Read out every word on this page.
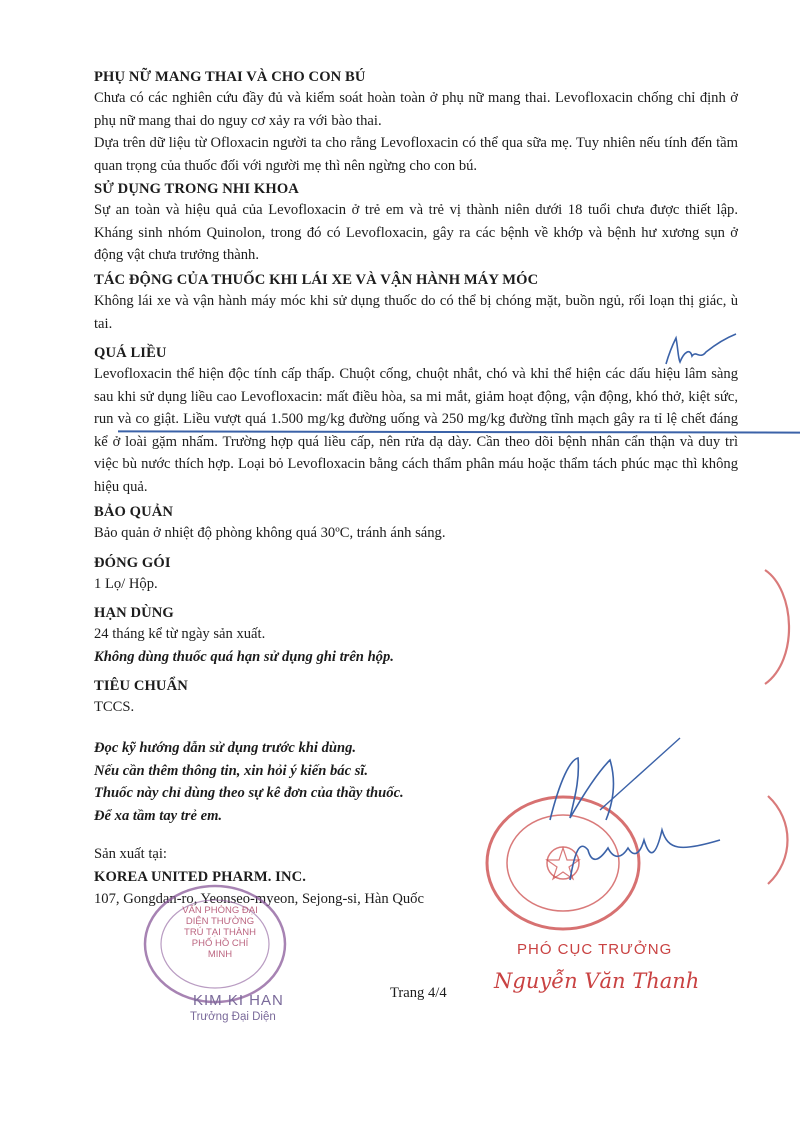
PHỤ NỮ MANG THAI VÀ CHO CON BÚ

Chưa có các nghiên cứu đầy đủ và kiểm soát hoàn toàn ở phụ nữ mang thai. Levofloxacin chống chỉ định ở phụ nữ mang thai do nguy cơ xảy ra với bào thai.

Dựa trên dữ liệu từ Ofloxacin người ta cho rằng Levofloxacin có thể qua sữa mẹ. Tuy nhiên nếu tính đến tầm quan trọng của thuốc đối với người mẹ thì nên ngừng cho con bú.

SỬ DỤNG TRONG NHI KHOA

Sự an toàn và hiệu quả của Levofloxacin ở trẻ em và trẻ vị thành niên dưới 18 tuổi chưa được thiết lập. Kháng sinh nhóm Quinolon, trong đó có Levofloxacin, gây ra các bệnh về khớp và bệnh hư xương sụn ở động vật chưa trưởng thành.

TÁC ĐỘNG CỦA THUỐC KHI LÁI XE VÀ VẬN HÀNH MÁY MÓC

Không lái xe và vận hành máy móc khi sử dụng thuốc do có thể bị chóng mặt, buồn ngủ, rối loạn thị giác, ù tai.

QUÁ LIỀU

Levofloxacin thể hiện độc tính cấp thấp. Chuột cống, chuột nhắt, chó và khỉ thể hiện các dấu hiệu lâm sàng sau khi sử dụng liều cao Levofloxacin: mất điều hòa, sa mi mắt, giảm hoạt động, vận động, khó thở, kiệt sức, run và co giật. Liều vượt quá 1.500 mg/kg đường uống và 250 mg/kg đường tĩnh mạch gây ra tỉ lệ chết đáng kể ở loài gặm nhấm. Trường hợp quá liều cấp, nên rửa dạ dày. Cần theo dõi bệnh nhân cẩn thận và duy trì việc bù nước thích hợp. Loại bỏ Levofloxacin bằng cách thẩm phân máu hoặc thẩm tách phúc mạc thì không hiệu quả.

BẢO QUẢN

Bảo quản ở nhiệt độ phòng không quá 30ºC, tránh ánh sáng.

ĐÓNG GÓI

1 Lọ/ Hộp.

HẠN DÙNG

24 tháng kể từ ngày sản xuất.

Không dùng thuốc quá hạn sử dụng ghi trên hộp.

TIÊU CHUẨN

TCCS.

Đọc kỹ hướng dẫn sử dụng trước khi dùng.

Nếu cần thêm thông tin, xin hỏi ý kiến bác sĩ.

Thuốc này chỉ dùng theo sự kê đơn của thầy thuốc.

Để xa tầm tay trẻ em.

Sản xuất tại:

KOREA UNITED PHARM. INC.

107, Gongdan-ro, Yeonseo-myeon, Sejong-si, Hàn Quốc

VĂN PHÒNG ĐẠI DIỆN THƯỜNG TRÚ TẠI THÀNH PHỐ HỒ CHÍ MINH
KIM KI HAN
Trưởng Đại Diện
Trang 4/4
PHÓ CỤC TRƯỞNG
Nguyễn Văn Thanh
